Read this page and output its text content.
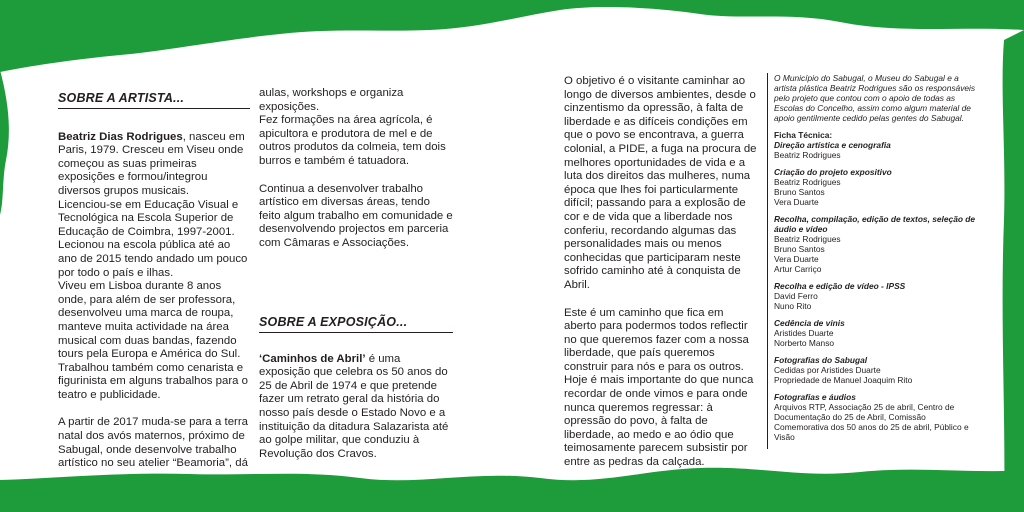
SOBRE A ARTISTA...

Beatriz Dias Rodrigues, nasceu em Paris, 1979. Cresceu em Viseu onde começou as suas primeiras exposições e formou/integrou diversos grupos musicais.

Licenciou-se em Educação Visual e Tecnológica na Escola Superior de Educação de Coimbra, 1997-2001. Lecionou na escola pública até ao ano de 2015 tendo andado um pouco por todo o país e ilhas.

Viveu em Lisboa durante 8 anos onde, para além de ser professora, desenvolveu uma marca de roupa, manteve muita actividade na área musical com duas bandas, fazendo tours pela Europa e América do Sul. Trabalhou também como cenarista e figurinista em alguns trabalhos para o teatro e publicidade.

A partir de 2017 muda-se para a terra natal dos avós maternos, próximo de Sabugal, onde desenvolve trabalho artístico no seu atelier “Beamoria”, dá

aulas, workshops e organiza exposições.

Fez formações na área agrícola, é apicultora e produtora de mel e de outros produtos da colmeia, tem dois burros e também é tatuadora.

Continua a desenvolver trabalho artístico em diversas áreas, tendo feito algum trabalho em comunidade e desenvolvendo projectos em parceria com Câmaras e Associações.

SOBRE A EXPOSIÇÃO...

‘Caminhos de Abril’ é uma exposição que celebra os 50 anos do 25 de Abril de 1974 e que pretende fazer um retrato geral da história do nosso país desde o Estado Novo e a instituição da ditadura Salazarista até ao golpe militar, que conduziu à Revolução dos Cravos.

O objetivo é o visitante caminhar ao longo de diversos ambientes, desde o cinzentismo da opressão, à falta de liberdade e as difíceis condições em que o povo se encontrava, a guerra colonial, a PIDE, a fuga na procura de melhores oportunidades de vida e a luta dos direitos das mulheres, numa época que lhes foi particularmente difícil; passando para a explosão de cor e de vida que a liberdade nos conferiu, recordando algumas das personalidades mais ou menos conhecidas que participaram neste sofrido caminho até à conquista de Abril.

Este é um caminho que fica em aberto para podermos todos reflectir no que queremos fazer com a nossa liberdade, que país queremos construir para nós e para os outros. Hoje é mais importante do que nunca recordar de onde vimos e para onde nunca queremos regressar: à opressão do povo, à falta de liberdade, ao medo e ao ódio que teimosamente parecem subsistir por entre as pedras da calçada.

O Município do Sabugal, o Museu do Sabugal e a artista plástica Beatriz Rodrigues são os responsáveis pelo projeto que contou com o apoio de todas as Escolas do Concelho, assim como algum material de apoio gentilmente cedido pelas gentes do Sabugal.

Ficha Técnica:

Direção artística e cenografia

Beatriz Rodrigues

Criação do projeto expositivo

Beatriz Rodrigues

Bruno Santos

Vera Duarte

Recolha, compilação, edição de textos, seleção de áudio e vídeo

Beatriz Rodrigues

Bruno Santos

Vera Duarte

Artur Carriço

Recolha e edição de vídeo - IPSS

David Ferro

Nuno Rito

Cedência de vinis

Aristides Duarte

Norberto Manso

Fotografias do Sabugal

Cedidas por Aristides Duarte

Propriedade de Manuel Joaquim Rito

Fotografias e áudios

Arquivos RTP, Associação 25 de abril, Centro de Documentação do 25 de Abril, Comissão Comemorativa dos 50 anos do 25 de abril, Público e Visão
